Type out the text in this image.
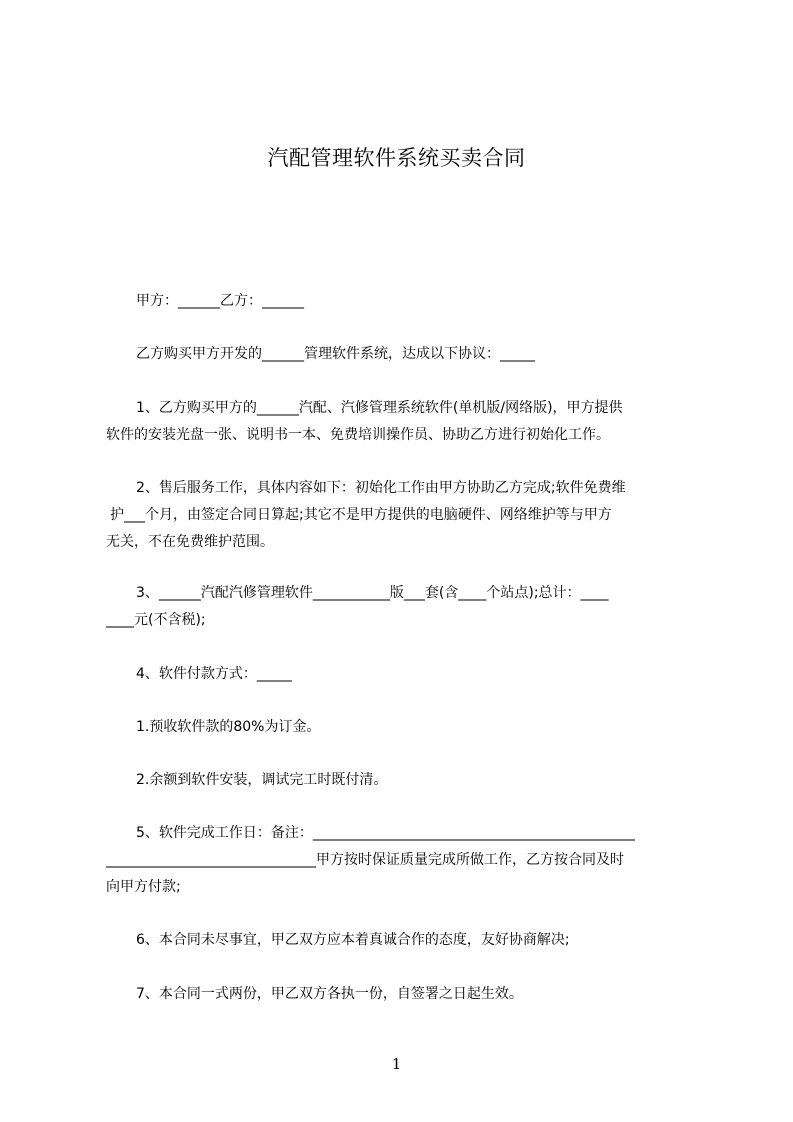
汽配管理软件系统买卖合同
甲方：______乙方：______
乙方购买甲方开发的______管理软件系统，达成以下协议：_____
1、乙方购买甲方的______汽配、汽修管理系统软件(单机版/网络版)，甲方提供
软件的安装光盘一张、说明书一本、免费培训操作员、协助乙方进行初始化工作。
2、售后服务工作，具体内容如下：初始化工作由甲方协助乙方完成;软件免费维
护___个月，由签定合同日算起;其它不是甲方提供的电脑硬件、网络维护等与甲方
无关，不在免费维护范围。
3、______汽配汽修管理软件___________版___套(含____个站点);总计：____
____元(不含税);
4、软件付款方式：_____
1.预收软件款的80%为订金。
2.余额到软件安装，调试完工时既付清。
5、软件完成工作日：备注：______________________________________________
______________________________甲方按时保证质量完成所做工作，乙方按合同及时
向甲方付款;
6、本合同未尽事宜，甲乙双方应本着真诚合作的态度，友好协商解决;
7、本合同一式两份，甲乙双方各执一份，自签署之日起生效。
1
